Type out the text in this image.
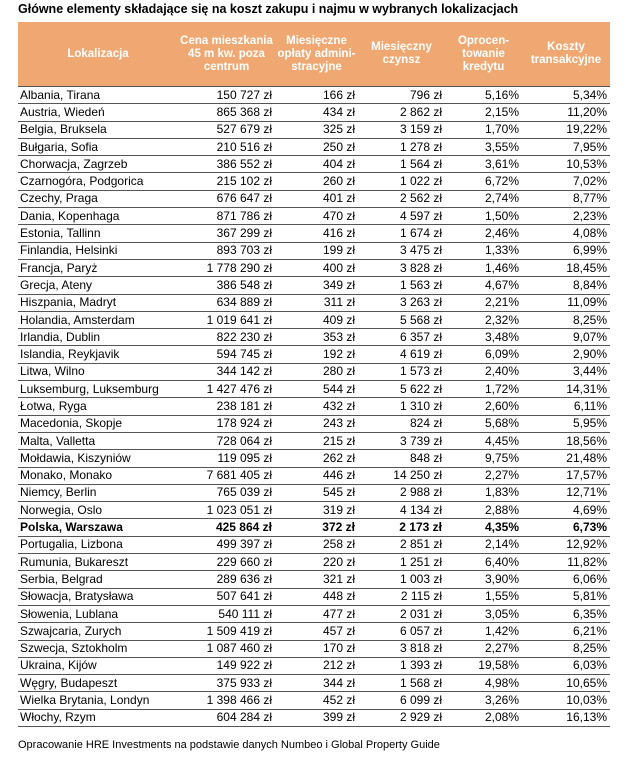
Główne elementy składające się na koszt zakupu i najmu w wybranych lokalizacjach
Lokalizacja	Cena mieszkania 45 m kw. poza centrum	Miesięczne opłaty admini-stracyjne	Miesięczny czynsz	Oprocen-towanie kredytu	Koszty transakcyjne
Albania, Tirana	150 727 zł	166 zł	796 zł	5,16%	5,34%
Austria, Wiedeń	865 368 zł	434 zł	2 862 zł	2,15%	11,20%
Belgia, Bruksela	527 679 zł	325 zł	3 159 zł	1,70%	19,22%
Bułgaria, Sofia	210 516 zł	250 zł	1 278 zł	3,55%	7,95%
Chorwacja, Zagrzeb	386 552 zł	404 zł	1 564 zł	3,61%	10,53%
Czarnogóra, Podgorica	215 102 zł	260 zł	1 022 zł	6,72%	7,02%
Czechy, Praga	676 647 zł	401 zł	2 562 zł	2,74%	8,77%
Dania, Kopenhaga	871 786 zł	470 zł	4 597 zł	1,50%	2,23%
Estonia, Tallinn	367 299 zł	416 zł	1 674 zł	2,46%	4,08%
Finlandia, Helsinki	893 703 zł	199 zł	3 475 zł	1,33%	6,99%
Francja, Paryż	1 778 290 zł	400 zł	3 828 zł	1,46%	18,45%
Grecja, Ateny	386 548 zł	349 zł	1 563 zł	4,67%	8,84%
Hiszpania, Madryt	634 889 zł	311 zł	3 263 zł	2,21%	11,09%
Holandia, Amsterdam	1 019 641 zł	409 zł	5 568 zł	2,32%	8,25%
Irlandia, Dublin	822 230 zł	353 zł	6 357 zł	3,48%	9,07%
Islandia, Reykjavik	594 745 zł	192 zł	4 619 zł	6,09%	2,90%
Litwa, Wilno	344 142 zł	280 zł	1 573 zł	2,40%	3,44%
Luksemburg, Luksemburg	1 427 476 zł	544 zł	5 622 zł	1,72%	14,31%
Łotwa, Ryga	238 181 zł	432 zł	1 310 zł	2,60%	6,11%
Macedonia, Skopje	178 924 zł	243 zł	824 zł	5,68%	5,95%
Malta, Valletta	728 064 zł	215 zł	3 739 zł	4,45%	18,56%
Mołdawia, Kiszyniów	119 095 zł	262 zł	848 zł	9,75%	21,48%
Monako, Monako	7 681 405 zł	446 zł	14 250 zł	2,27%	17,57%
Niemcy, Berlin	765 039 zł	545 zł	2 988 zł	1,83%	12,71%
Norwegia, Oslo	1 023 051 zł	319 zł	4 134 zł	2,88%	4,69%
Polska, Warszawa	425 864 zł	372 zł	2 173 zł	4,35%	6,73%
Portugalia, Lizbona	499 397 zł	258 zł	2 851 zł	2,14%	12,92%
Rumunia, Bukareszt	229 660 zł	220 zł	1 251 zł	6,40%	11,82%
Serbia, Belgrad	289 636 zł	321 zł	1 003 zł	3,90%	6,06%
Słowacja, Bratysława	507 641 zł	448 zł	2 115 zł	1,55%	5,81%
Słowenia, Lublana	540 111 zł	477 zł	2 031 zł	3,05%	6,35%
Szwajcaria, Zurych	1 509 419 zł	457 zł	6 057 zł	1,42%	6,21%
Szwecja, Sztokholm	1 087 460 zł	170 zł	3 818 zł	2,27%	8,25%
Ukraina, Kijów	149 922 zł	212 zł	1 393 zł	19,58%	6,03%
Węgry, Budapeszt	375 933 zł	344 zł	1 568 zł	4,98%	10,65%
Wielka Brytania, Londyn	1 398 466 zł	452 zł	6 099 zł	3,26%	10,03%
Włochy, Rzym	604 284 zł	399 zł	2 929 zł	2,08%	16,13%
Opracowanie HRE Investments na podstawie danych Numbeo i Global Property Guide
